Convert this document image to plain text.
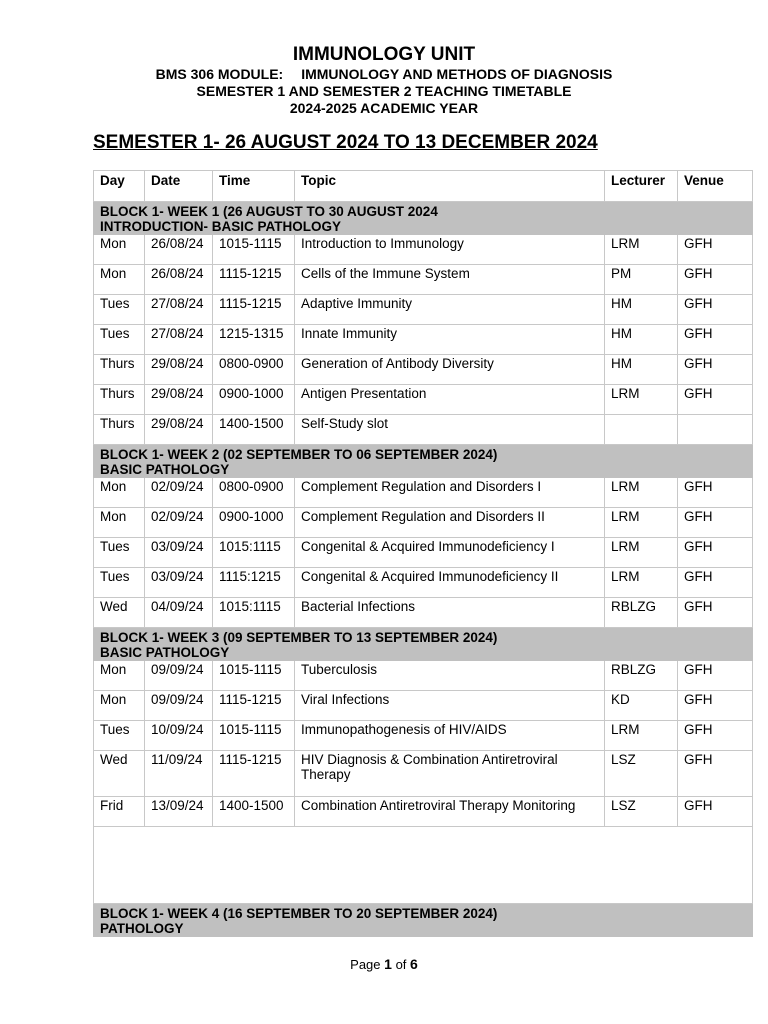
IMMUNOLOGY UNIT
BMS 306 MODULE: IMMUNOLOGY AND METHODS OF DIAGNOSIS
SEMESTER 1 AND SEMESTER 2 TEACHING TIMETABLE
2024-2025 ACADEMIC YEAR
SEMESTER 1- 26 AUGUST 2024 TO 13 DECEMBER 2024
Day	Date	Time	Topic	Lecturer	Venue

BLOCK 1- WEEK 1 (26 AUGUST TO 30 AUGUST 2024
INTRODUCTION- BASIC PATHOLOGY					

Mon	26/08/24	1015-1115	Introduction to Immunology	LRM	GFH
Mon	26/08/24	1115-1215	Cells of the Immune System	PM	GFH
Tues	27/08/24	1115-1215	Adaptive Immunity	HM	GFH
Tues	27/08/24	1215-1315	Innate Immunity	HM	GFH
Thurs	29/08/24	0800-0900	Generation of Antibody Diversity	HM	GFH
Thurs	29/08/24	0900-1000	Antigen Presentation	LRM	GFH
Thurs	29/08/24	1400-1500	Self-Study slot		

BLOCK 1- WEEK 2 (02 SEPTEMBER TO 06 SEPTEMBER 2024)
BASIC PATHOLOGY					

Mon	02/09/24	0800-0900	Complement Regulation and Disorders I	LRM	GFH
Mon	02/09/24	0900-1000	Complement Regulation and Disorders II	LRM	GFH
Tues	03/09/24	1015:1115	Congenital & Acquired Immunodeficiency I	LRM	GFH
Tues	03/09/24	1115:1215	Congenital & Acquired Immunodeficiency II	LRM	GFH
Wed	04/09/24	1015:1115	Bacterial Infections	RBLZG	GFH

BLOCK 1- WEEK 3 (09 SEPTEMBER TO 13 SEPTEMBER 2024)
BASIC PATHOLOGY					

Mon	09/09/24	1015-1115	Tuberculosis	RBLZG	GFH
Mon	09/09/24	1115-1215	Viral Infections	KD	GFH
Tues	10/09/24	1015-1115	Immunopathogenesis of HIV/AIDS	LRM	GFH
Wed	11/09/24	1115-1215	HIV Diagnosis & Combination Antiretroviral Therapy	LSZ	GFH
Frid	13/09/24	1400-1500	Combination Antiretroviral Therapy Monitoring	LSZ	GFH

BLOCK 1- WEEK 4 (16 SEPTEMBER TO 20 SEPTEMBER 2024)
PATHOLOGY					
Page 1 of 6
